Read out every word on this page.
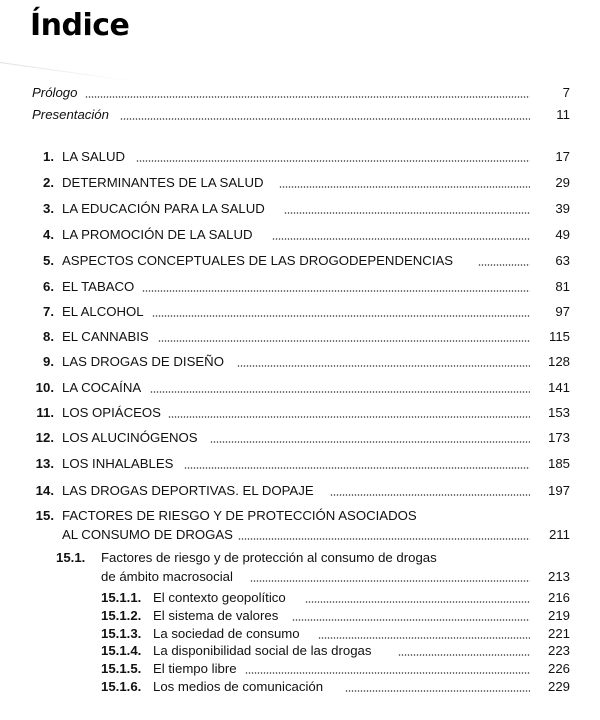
Índice
Prólogo	7
Presentación	11
1. LA SALUD	17
2. DETERMINANTES DE LA SALUD	29
3. LA EDUCACIÓN PARA LA SALUD	39
4. LA PROMOCIÓN DE LA SALUD	49
5. ASPECTOS CONCEPTUALES DE LAS DROGODEPENDENCIAS	63
6. EL TABACO	81
7. EL ALCOHOL	97
8. EL CANNABIS	115
9. LAS DROGAS DE DISEÑO	128
10. LA COCAÍNA	141
11. LOS OPIÁCEOS	153
12. LOS ALUCINÓGENOS	173
13. LOS INHALABLES	185
14. LAS DROGAS DEPORTIVAS. EL DOPAJE	197
15. FACTORES DE RIESGO Y DE PROTECCIÓN ASOCIADOS
AL CONSUMO DE DROGAS	211
15.1.	Factores de riesgo y de protección al consumo de drogas
de ámbito macrosocial	213
15.1.1. El contexto geopolítico	216
15.1.2. El sistema de valores	219
15.1.3. La sociedad de consumo	221
15.1.4. La disponibilidad social de las drogas	223
15.1.5. El tiempo libre	226
15.1.6. Los medios de comunicación	229
